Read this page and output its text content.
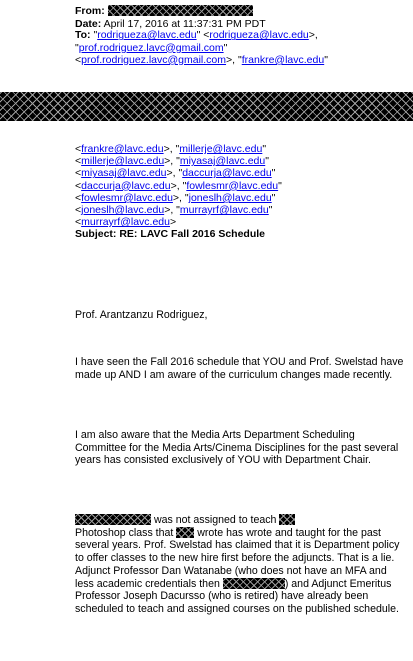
From:
Date: April 17, 2016 at 11:37:31 PM PDT
To: "rodrigueza@lavc.edu" <rodrigueza@lavc.edu>,
"prof.rodriguez.lavc@gmail.com"
<prof.rodriguez.lavc@gmail.com>, "frankre@lavc.edu"
<frankre@lavc.edu>, "millerje@lavc.edu"
<millerje@lavc.edu>, "miyasaj@lavc.edu"
<miyasaj@lavc.edu>, "daccurja@lavc.edu"
<daccurja@lavc.edu>, "fowlesmr@lavc.edu"
<fowlesmr@lavc.edu>, "joneslh@lavc.edu"
<joneslh@lavc.edu>, "murrayrf@lavc.edu"
<murrayrf@lavc.edu>
Subject: RE: LAVC Fall 2016 Schedule
Prof. Arantzanzu Rodriguez,
I have seen the Fall 2016 schedule that YOU and Prof. Swelstad have made up AND I am aware of the curriculum changes made recently.
I am also aware that the Media Arts Department Scheduling Committee for the Media Arts/Cinema Disciplines for the past several years has consisted exclusively of YOU with Department Chair.
was not assigned to teach
Photoshop class that  wrote has wrote and taught for the past several years. Prof. Swelstad has claimed that it is Department policy to offer classes to the new hire first before the adjuncts. That is a lie. Adjunct Professor Dan Watanabe (who does not have an MFA and less academic credentials then	) and Adjunct Emeritus Professor Joseph Dacursso (who is retired) have already been scheduled to teach and assigned courses on the published schedule.
